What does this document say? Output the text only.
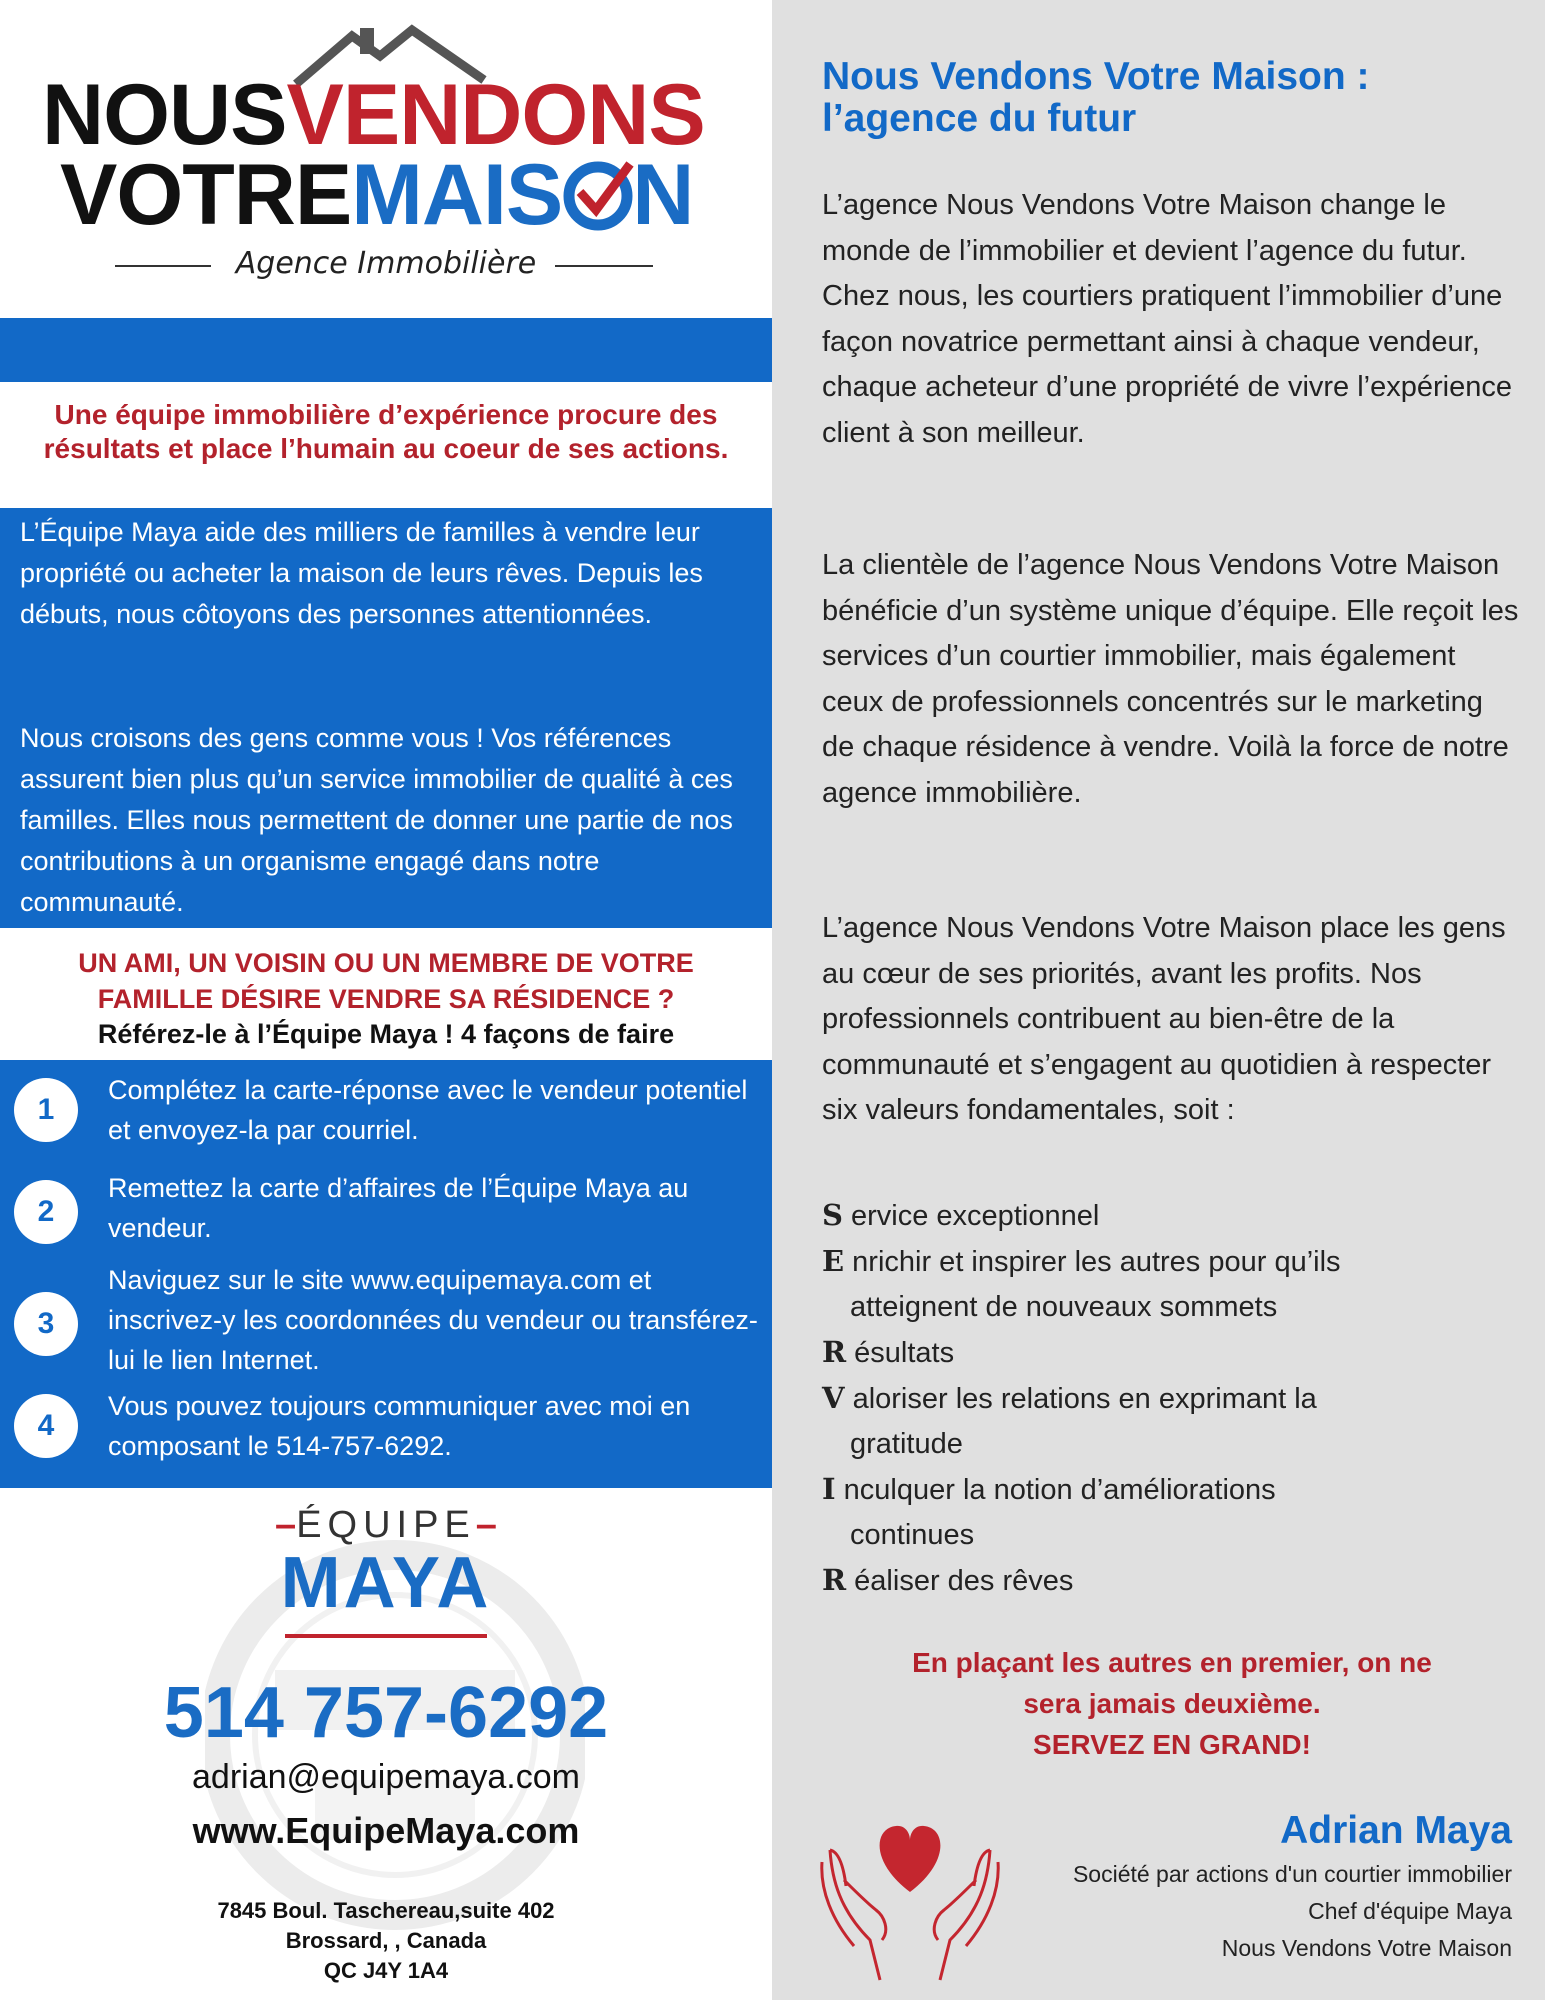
NOUSVENDONS
VOTREMAIS N
Agence Immobilière
Une équipe immobilière d’expérience procure des résultats et place l’humain au coeur de ses actions.

L’Équipe Maya aide des milliers de familles à vendre leur propriété ou acheter la maison de leurs rêves. Depuis les débuts, nous côtoyons des personnes attentionnées.

Nous croisons des gens comme vous ! Vos références assurent bien plus qu’un service immobilier de qualité à ces familles. Elles nous permettent de donner une partie de nos contributions à un organisme engagé dans notre communauté.

UN AMI, UN VOISIN OU UN MEMBRE DE VOTRE FAMILLE DÉSIRE VENDRE SA RÉSIDENCE ?
Référez-le à l’Équipe Maya ! 4 façons de faire
1
Complétez la carte-réponse avec le vendeur potentiel et envoyez-la par courriel.
2
Remettez la carte d’affaires de l’Équipe Maya au vendeur.
3
Naviguez sur le site www.equipemaya.com et inscrivez-y les coordonnées du vendeur ou transférez-lui le lien Internet.
4
Vous pouvez toujours communiquer avec moi en composant le 514-757-6292.
–ÉQUIPE–
MAYA
514 757-6292
adrian@equipemaya.com
www.EquipeMaya.com
7845 Boul. Taschereau,suite 402
Brossard, , Canada
QC J4Y 1A4
Nous Vendons Votre Maison : l’agence du futur

L’agence Nous Vendons Votre Maison change le monde de l’immobilier et devient l’agence du futur. Chez nous, les courtiers pratiquent l’immobilier d’une façon novatrice permettant ainsi à chaque vendeur, chaque acheteur d’une propriété de vivre l’expérience client à son meilleur.

La clientèle de l’agence Nous Vendons Votre Maison bénéficie d’un système unique d’équipe. Elle reçoit les services d’un courtier immobilier, mais également ceux de professionnels concentrés sur le marketing de chaque résidence à vendre. Voilà la force de notre agence immobilière.

L’agence Nous Vendons Votre Maison place les gens au cœur de ses priorités, avant les profits. Nos professionnels contribuent au bien-être de la communauté et s’engagent au quotidien à respecter six valeurs fondamentales, soit :

S ervice exceptionnel
E nrichir et inspirer les autres pour qu’ils
atteignent de nouveaux sommets
R ésultats
V aloriser les relations en exprimant la
gratitude
I nculquer la notion d’améliorations
continues
R éaliser des rêves
En plaçant les autres en premier, on ne
sera jamais deuxième.
SERVEZ EN GRAND!
Adrian Maya
Société par actions d'un courtier immobilier
Chef d'équipe Maya
Nous Vendons Votre Maison
